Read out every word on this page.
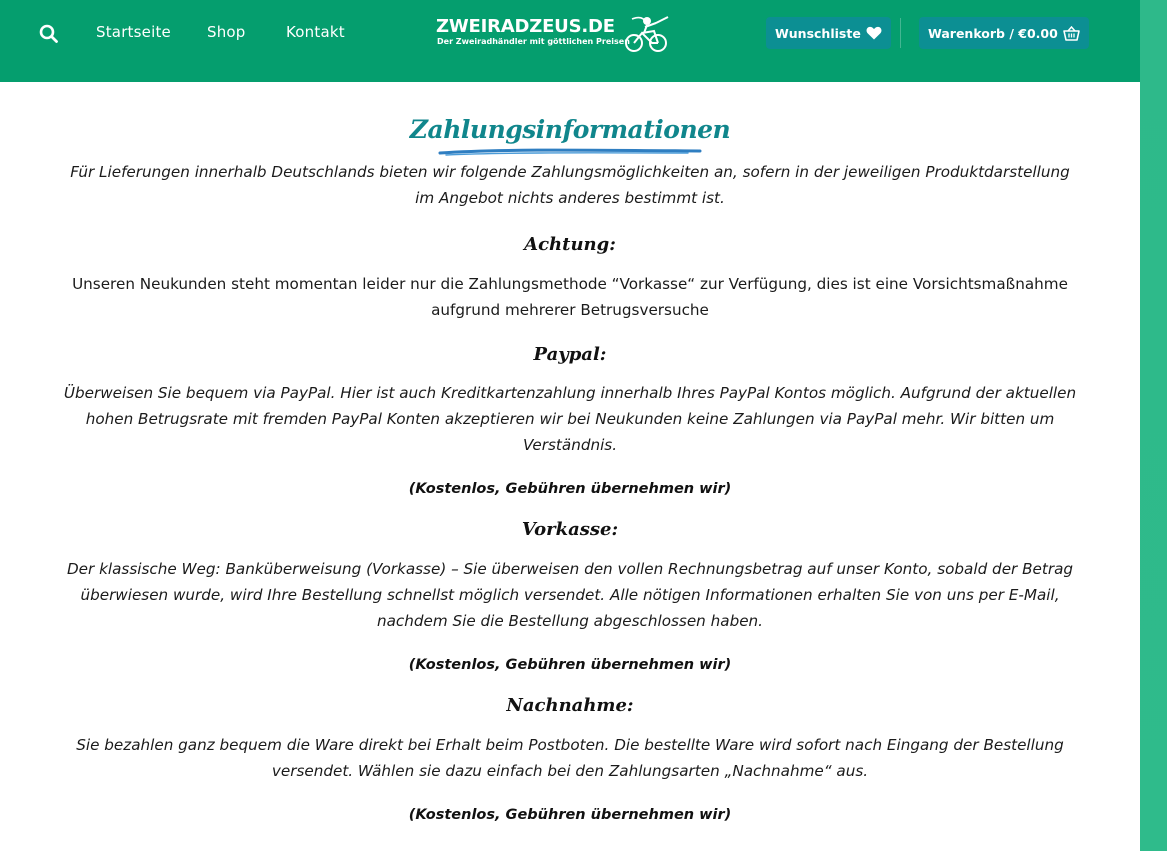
Startseite Shop	Kontakt	ZWEIRADZEUS.DE
Der Zweiradhändler mit göttlichen Preisen
Wunschliste	Warenkorb / €0.00
Zahlungsinformationen

Für Lieferungen innerhalb Deutschlands bieten wir folgende Zahlungsmöglichkeiten an, sofern in der jeweiligen Produktdarstellung im Angebot nichts anderes bestimmt ist.

Achtung:

Unseren Neukunden steht momentan leider nur die Zahlungsmethode “Vorkasse“ zur Verfügung, dies ist eine Vorsichtsmaßnahme aufgrund mehrerer Betrugsversuche

Paypal:

Überweisen Sie bequem via PayPal. Hier ist auch Kreditkartenzahlung innerhalb Ihres PayPal Kontos möglich. Aufgrund der aktuellen hohen Betrugsrate mit fremden PayPal Konten akzeptieren wir bei Neukunden keine Zahlungen via PayPal mehr. Wir bitten um Verständnis.

(Kostenlos, Gebühren übernehmen wir)
Vorkasse:

Der klassische Weg: Banküberweisung (Vorkasse) – Sie überweisen den vollen Rechnungsbetrag auf unser Konto, sobald der Betrag überwiesen wurde, wird Ihre Bestellung schnellst möglich versendet. Alle nötigen Informationen erhalten Sie von uns per E-Mail, nachdem Sie die Bestellung abgeschlossen haben.

(Kostenlos, Gebühren übernehmen wir)
Nachnahme:

Sie bezahlen ganz bequem die Ware direkt bei Erhalt beim Postboten. Die bestellte Ware wird sofort nach Eingang der Bestellung versendet. Wählen sie dazu einfach bei den Zahlungsarten „Nachnahme“ aus.

(Kostenlos, Gebühren übernehmen wir)
